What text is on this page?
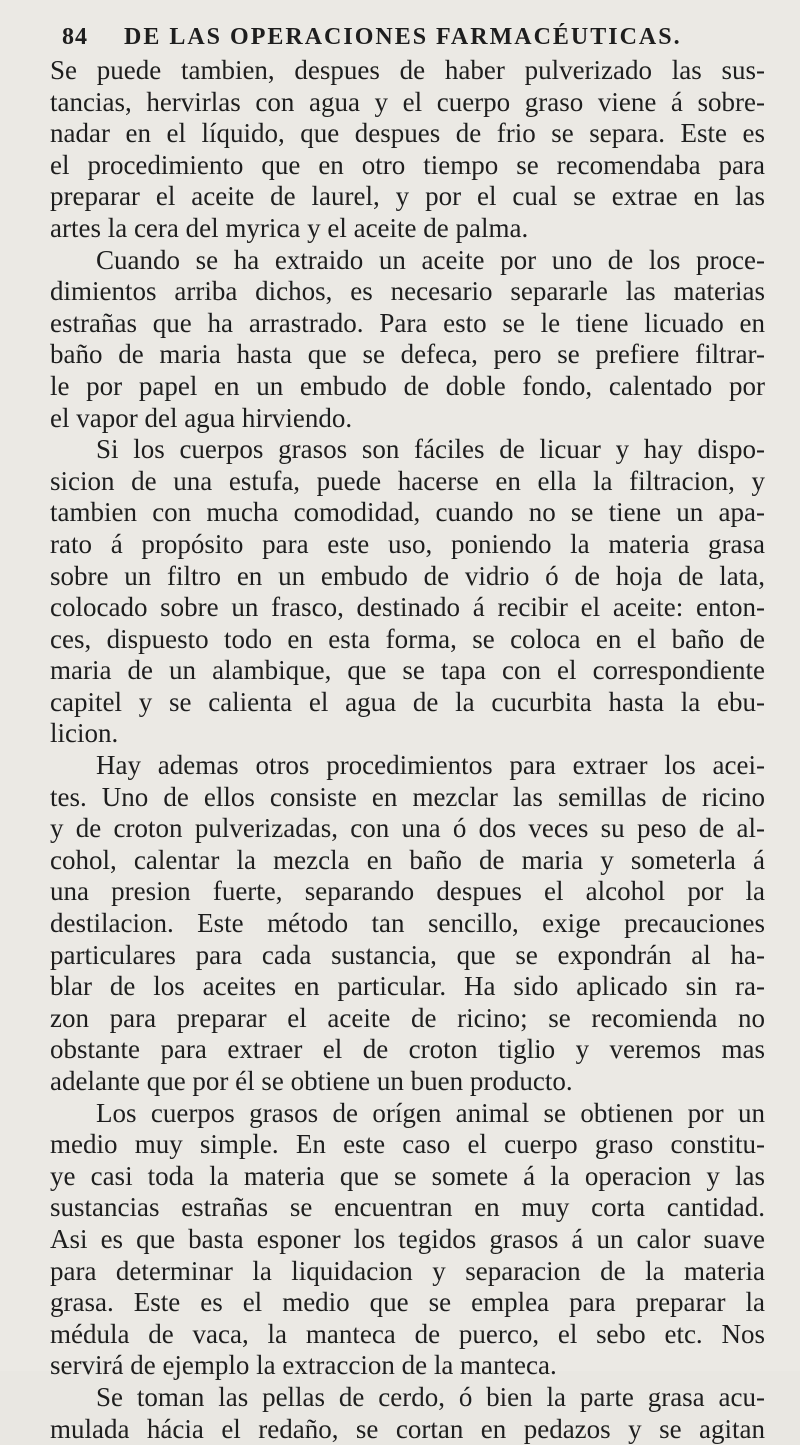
84 DE LAS OPERACIONES FARMACÉUTICAS.
Se puede tambien, despues de haber pulverizado las sus-
tancias, hervirlas con agua y el cuerpo graso viene á sobre-
nadar en el líquido, que despues de frio se separa. Este es
el procedimiento que en otro tiempo se recomendaba para
preparar el aceite de laurel, y por el cual se extrae en las
artes la cera del myrica y el aceite de palma.
Cuando se ha extraido un aceite por uno de los proce-
dimientos arriba dichos, es necesario separarle las materias
estrañas que ha arrastrado. Para esto se le tiene licuado en
baño de maria hasta que se defeca, pero se prefiere filtrar-
le por papel en un embudo de doble fondo, calentado por
el vapor del agua hirviendo.
Si los cuerpos grasos son fáciles de licuar y hay dispo-
sicion de una estufa, puede hacerse en ella la filtracion, y
tambien con mucha comodidad, cuando no se tiene un apa-
rato á propósito para este uso, poniendo la materia grasa
sobre un filtro en un embudo de vidrio ó de hoja de lata,
colocado sobre un frasco, destinado á recibir el aceite: enton-
ces, dispuesto todo en esta forma, se coloca en el baño de
maria de un alambique, que se tapa con el correspondiente
capitel y se calienta el agua de la cucurbita hasta la ebu-
licion.
Hay ademas otros procedimientos para extraer los acei-
tes. Uno de ellos consiste en mezclar las semillas de ricino
y de croton pulverizadas, con una ó dos veces su peso de al-
cohol, calentar la mezcla en baño de maria y someterla á
una presion fuerte, separando despues el alcohol por la
destilacion. Este método tan sencillo, exige precauciones
particulares para cada sustancia, que se expondrán al ha-
blar de los aceites en particular. Ha sido aplicado sin ra-
zon para preparar el aceite de ricino; se recomienda no
obstante para extraer el de croton tiglio y veremos mas
adelante que por él se obtiene un buen producto.
Los cuerpos grasos de orígen animal se obtienen por un
medio muy simple. En este caso el cuerpo graso constitu-
ye casi toda la materia que se somete á la operacion y las
sustancias estrañas se encuentran en muy corta cantidad.
Asi es que basta esponer los tegidos grasos á un calor suave
para determinar la liquidacion y separacion de la materia
grasa. Este es el medio que se emplea para preparar la
médula de vaca, la manteca de puerco, el sebo etc. Nos
servirá de ejemplo la extraccion de la manteca.
Se toman las pellas de cerdo, ó bien la parte grasa acu-
mulada hácia el redaño, se cortan en pedazos y se agitan
